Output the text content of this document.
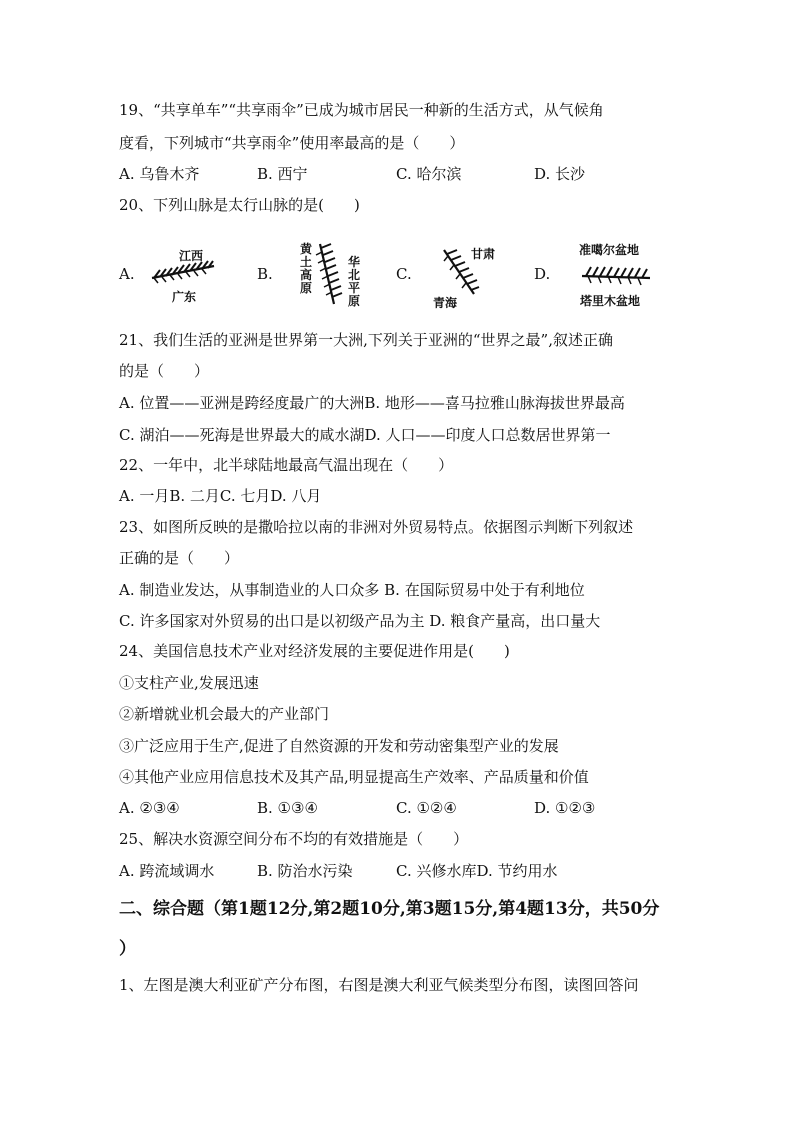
19、“共享单车”“共享雨伞”已成为城市居民一种新的生活方式，从气候角
度看，下列城市“共享雨伞”使用率最高的是（　　）
A. 乌鲁木齐	B. 西宁	C. 哈尔滨	D. 长沙
20、下列山脉是太行山脉的是(　　)
A.	B.	C.	D.
江西
广东
黄土高原
华北平原
甘肃
青海
准噶尔盆地
塔里木盆地
21、我们生活的亚洲是世界第一大洲,下列关于亚洲的“世界之最”,叙述正确
的是（　　）
A. 位置——亚洲是跨经度最广的大洲B. 地形——喜马拉雅山脉海拔世界最高
C. 湖泊——死海是世界最大的咸水湖D. 人口——印度人口总数居世界第一
22、一年中，北半球陆地最高气温出现在（　　）
A. 一月B. 二月C. 七月D. 八月
23、如图所反映的是撒哈拉以南的非洲对外贸易特点。依据图示判断下列叙述
正确的是（　　）
A. 制造业发达，从事制造业的人口众多 B. 在国际贸易中处于有利地位
C. 许多国家对外贸易的出口是以初级产品为主 D. 粮食产量高，出口量大
24、美国信息技术产业对经济发展的主要促进作用是(　　)
①支柱产业,发展迅速
②新增就业机会最大的产业部门
③广泛应用于生产,促进了自然资源的开发和劳动密集型产业的发展
④其他产业应用信息技术及其产品,明显提高生产效率、产品质量和价值
A. ②③④	B. ①③④	C. ①②④	D. ①②③
25、解决水资源空间分布不均的有效措施是（　　）
A. 跨流域调水	B. 防治水污染	C. 兴修水库D. 节约用水
二、综合题（第1题12分,第2题10分,第3题15分,第4题13分，共50分
）
1、左图是澳大利亚矿产分布图，右图是澳大利亚气候类型分布图，读图回答问
